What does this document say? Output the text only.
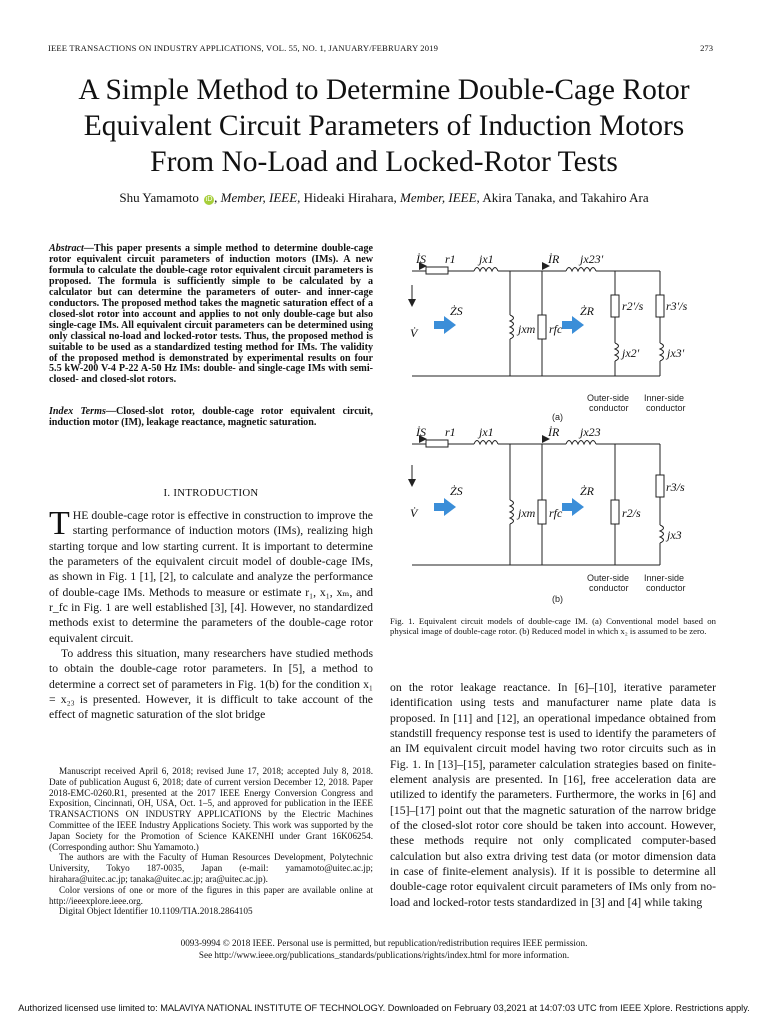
IEEE TRANSACTIONS ON INDUSTRY APPLICATIONS, VOL. 55, NO. 1, JANUARY/FEBRUARY 2019	273
A Simple Method to Determine Double-Cage Rotor
Equivalent Circuit Parameters of Induction Motors
From No-Load and Locked-Rotor Tests
Shu Yamamoto iD , Member, IEEE, Hideaki Hirahara, Member, IEEE, Akira Tanaka, and Takahiro Ara
Abstract—This paper presents a simple method to determine double-cage rotor equivalent circuit parameters of induction motors (IMs). A new formula to calculate the double-cage rotor equivalent circuit parameters is proposed. The formula is sufficiently simple to be calculated by a calculator but can determine the parameters of outer- and inner-cage conductors. The proposed method takes the magnetic saturation effect of a closed-slot rotor into account and applies to not only double-cage but also single-cage IMs. All equivalent circuit parameters can be determined using only classical no-load and locked-rotor tests. Thus, the proposed method is suitable to be used as a standardized testing method for IMs. The validity of the proposed method is demonstrated by experimental results on four 5.5 kW-200 V-4 P-22 A-50 Hz IMs: double- and single-cage IMs with semi-closed- and closed-slot rotors.
Index Terms—Closed-slot rotor, double-cage rotor equivalent circuit, induction motor (IM), leakage reactance, magnetic saturation.
I. INTRODUCTION

THE double-cage rotor is effective in construction to improve the starting performance of induction motors (IMs), realizing high starting torque and low starting current. It is important to determine the parameters of the equivalent circuit model of double-cage IMs, as shown in Fig. 1 [1], [2], to calculate and analyze the performance of double-cage IMs. Methods to measure or estimate r₁, x₁, xₘ, and r_fc in Fig. 1 are well established [3], [4]. However, no standardized methods exist to determine the parameters of the double-cage rotor equivalent circuit.

To address this situation, many researchers have studied methods to obtain the double-cage rotor parameters. In [5], a method to determine a correct set of parameters in Fig. 1(b) for the condition x₁ = x₂₃ is presented. However, it is difficult to take account of the effect of magnetic saturation of the slot bridge

Manuscript received April 6, 2018; revised June 17, 2018; accepted July 8, 2018. Date of publication August 6, 2018; date of current version December 12, 2018. Paper 2018-EMC-0260.R1, presented at the 2017 IEEE Energy Conversion Congress and Exposition, Cincinnati, OH, USA, Oct. 1–5, and approved for publication in the IEEE TRANSACTIONS ON INDUSTRY APPLICATIONS by the Electric Machines Committee of the IEEE Industry Applications Society. This work was supported by the Japan Society for the Promotion of Science KAKENHI under Grant 16K06254. (Corresponding author: Shu Yamamoto.)

The authors are with the Faculty of Human Resources Development, Polytechnic University, Tokyo 187-0035, Japan (e-mail: yamamoto@uitec.ac.jp; hirahara@uitec.ac.jp; tanaka@uitec.ac.jp; ara@uitec.ac.jp).

Color versions of one or more of the figures in this paper are available online at http://ieeexplore.ieee.org.

Digital Object Identifier 10.1109/TIA.2018.2864105

İS r1 jx1	İR jx23'
V̇
ŻS	ŻR
jxm rfc
r2'/s r3'/s
jx2' jx3'
Outer-side
conductor
Inner-side
conductor
(a)
İS r1 jx1	İR jx23
V̇
ŻS	ŻR
jxm rfc	r2/s
r3/s
jx3
Outer-side
conductor
Inner-side
conductor
(b)
Fig. 1. Equivalent circuit models of double-cage IM. (a) Conventional model based on physical image of double-cage rotor. (b) Reduced model in which x₂ is assumed to be zero.

on the rotor leakage reactance. In [6]–[10], iterative parameter identification using tests and manufacturer name plate data is proposed. In [11] and [12], an operational impedance obtained from standstill frequency response test is used to identify the parameters of an IM equivalent circuit model having two rotor circuits such as in Fig. 1. In [13]–[15], parameter calculation strategies based on finite-element analysis are presented. In [16], free acceleration data are utilized to identify the parameters. Furthermore, the works in [6] and [15]–[17] point out that the magnetic saturation of the narrow bridge of the closed-slot rotor core should be taken into account. However, these methods require not only complicated computer-based calculation but also extra driving test data (or motor dimension data in case of finite-element analysis). If it is possible to determine all double-cage rotor equivalent circuit parameters of IMs only from no-load and locked-rotor tests standardized in [3] and [4] while taking

0093-9994 © 2018 IEEE. Personal use is permitted, but republication/redistribution requires IEEE permission.
See http://www.ieee.org/publications_standards/publications/rights/index.html for more information.
Authorized licensed use limited to: MALAVIYA NATIONAL INSTITUTE OF TECHNOLOGY. Downloaded on February 03,2021 at 14:07:03 UTC from IEEE Xplore. Restrictions apply.
